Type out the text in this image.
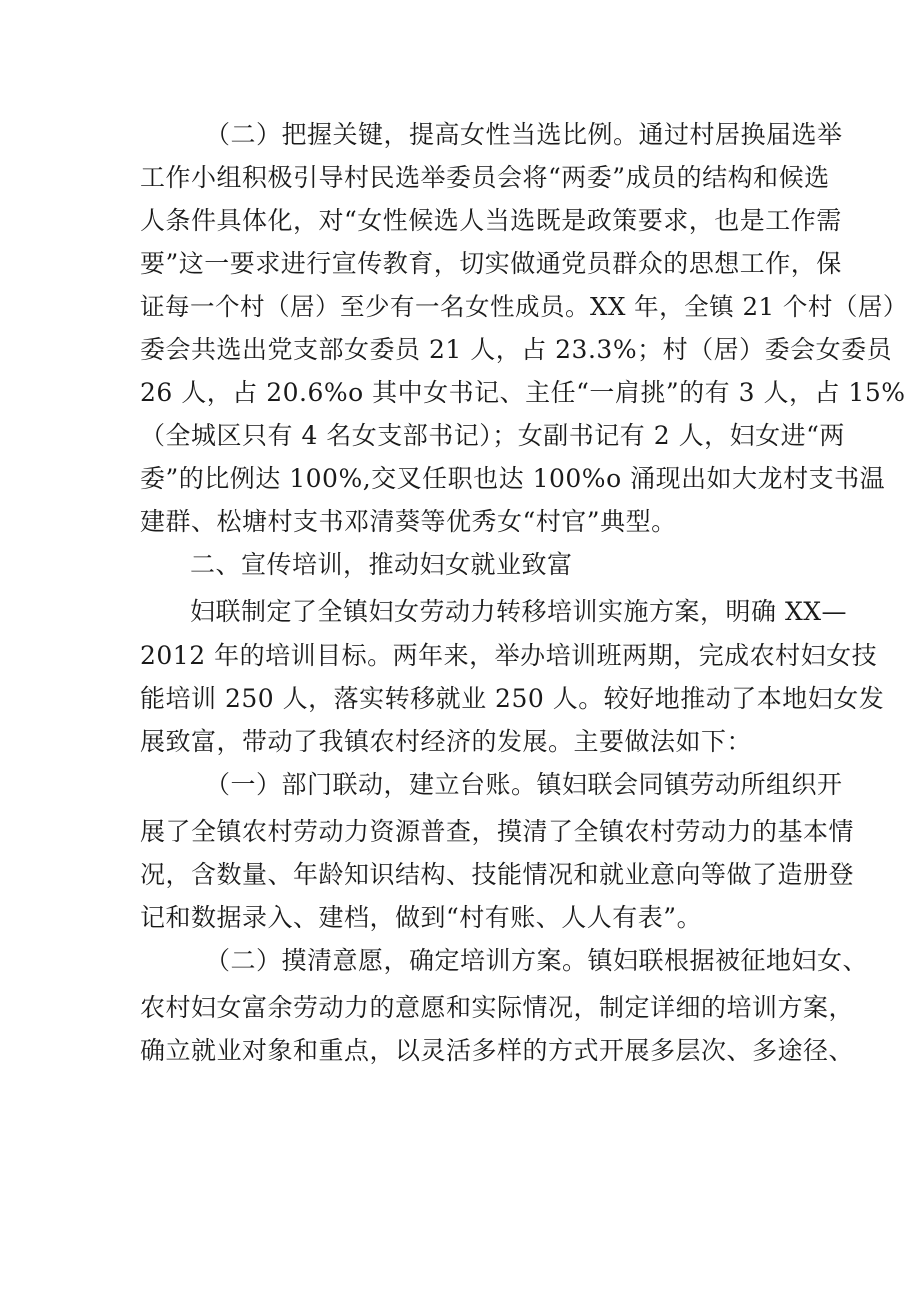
（二）把握关键，提高女性当选比例。通过村居换届选举
工作小组积极引导村民选举委员会将“两委”成员的结构和候选
人条件具体化，对“女性候选人当选既是政策要求，也是工作需
要”这一要求进行宣传教育，切实做通党员群众的思想工作，保
证每一个村（居）至少有一名女性成员。XX 年，全镇 21 个村（居）
委会共选出党支部女委员 21 人，占 23.3%；村（居）委会女委员
26 人，占 20.6%o 其中女书记、主任“一肩挑”的有 3 人，占 15%
（全城区只有 4 名女支部书记）；女副书记有 2 人，妇女进“两
委”的比例达 100%,交叉任职也达 100%o 涌现出如大龙村支书温
建群、松塘村支书邓清葵等优秀女“村官”典型。
二、宣传培训，推动妇女就业致富
妇联制定了全镇妇女劳动力转移培训实施方案，明确 XX—
2012 年的培训目标。两年来，举办培训班两期，完成农村妇女技
能培训 250 人，落实转移就业 250 人。较好地推动了本地妇女发
展致富，带动了我镇农村经济的发展。主要做法如下：
（一）部门联动，建立台账。镇妇联会同镇劳动所组织开
展了全镇农村劳动力资源普查，摸清了全镇农村劳动力的基本情
况，含数量、年龄知识结构、技能情况和就业意向等做了造册登
记和数据录入、建档，做到“村有账、人人有表”。
（二）摸清意愿，确定培训方案。镇妇联根据被征地妇女、
农村妇女富余劳动力的意愿和实际情况，制定详细的培训方案，
确立就业对象和重点，以灵活多样的方式开展多层次、多途径、
